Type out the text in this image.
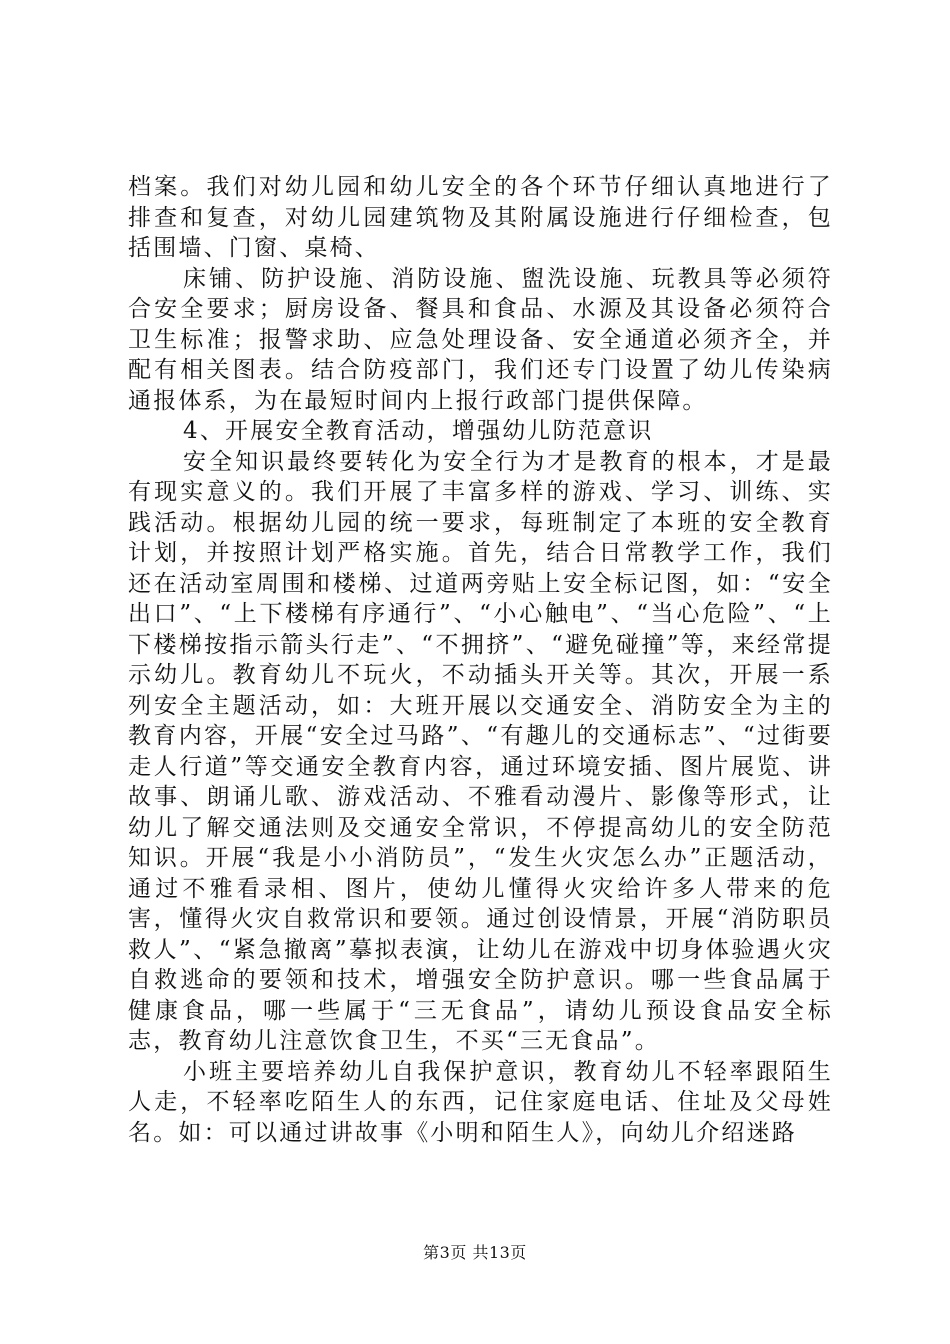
档案。我们对幼儿园和幼儿安全的各个环节仔细认真地进行了排查和复查，对幼儿园建筑物及其附属设施进行仔细检查，包括围墙、门窗、桌椅、

床铺、防护设施、消防设施、盥洗设施、玩教具等必须符合安全要求；厨房设备、餐具和食品、水源及其设备必须符合卫生标准；报警求助、应急处理设备、安全通道必须齐全，并配有相关图表。结合防疫部门，我们还专门设置了幼儿传染病通报体系，为在最短时间内上报行政部门提供保障。

4、开展安全教育活动，增强幼儿防范意识

安全知识最终要转化为安全行为才是教育的根本，才是最有现实意义的。我们开展了丰富多样的游戏、学习、训练、实践活动。根据幼儿园的统一要求，每班制定了本班的安全教育计划，并按照计划严格实施。首先，结合日常教学工作，我们还在活动室周围和楼梯、过道两旁贴上安全标记图，如：“安全出口”、“上下楼梯有序通行”、“小心触电”、“当心危险”、“上下楼梯按指示箭头行走”、“不拥挤”、“避免碰撞”等，来经常提示幼儿。教育幼儿不玩火，不动插头开关等。其次，开展一系列安全主题活动，如：大班开展以交通安全、消防安全为主的教育内容，开展“安全过马路”、“有趣儿的交通标志”、“过街要走人行道”等交通安全教育内容，通过环境安插、图片展览、讲故事、朗诵儿歌、游戏活动、不雅看动漫片、影像等形式，让幼儿了解交通法则及交通安全常识，不停提高幼儿的安全防范知识。开展“我是小小消防员”，“发生火灾怎么办”正题活动，通过不雅看录相、图片，使幼儿懂得火灾给许多人带来的危害，懂得火灾自救常识和要领。通过创设情景，开展“消防职员救人”、“紧急撤离”摹拟表演，让幼儿在游戏中切身体验遇火灾自救逃命的要领和技术，增强安全防护意识。哪一些食品属于健康食品，哪一些属于“三无食品”，请幼儿预设食品安全标志，教育幼儿注意饮食卫生，不买“三无食品”。

小班主要培养幼儿自我保护意识，教育幼儿不轻率跟陌生人走，不轻率吃陌生人的东西，记住家庭电话、住址及父母姓名。如：可以通过讲故事《小明和陌生人》，向幼儿介绍迷路

第3页 共13页
